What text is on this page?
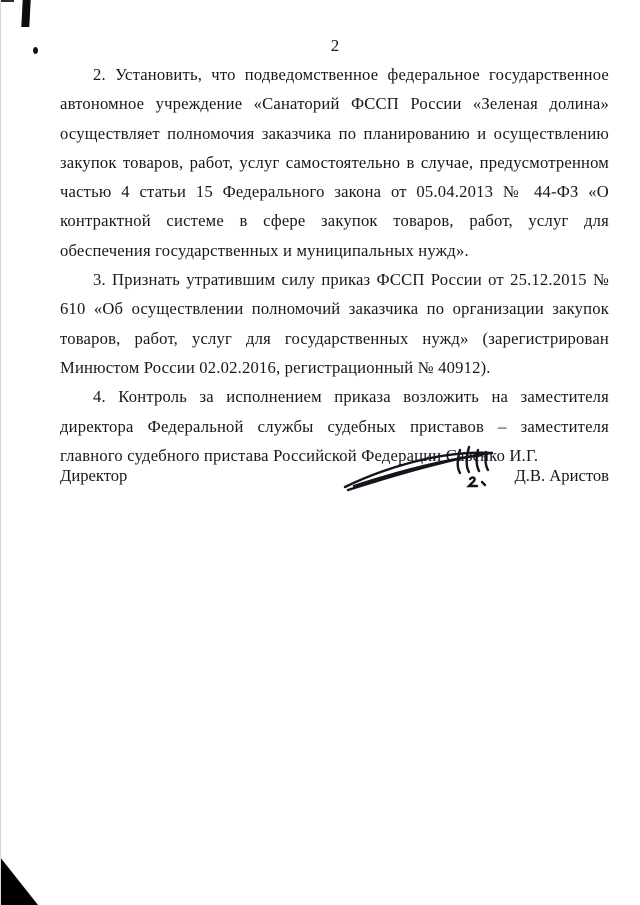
2

2. Установить, что подведомственное федеральное государственное автономное учреждение «Санаторий ФССП России «Зеленая долина» осуществляет полномочия заказчика по планированию и осуществлению закупок товаров, работ, услуг самостоятельно в случае, предусмотренном частью 4 статьи 15 Федерального закона от 05.04.2013 № 44-ФЗ «О контрактной системе в сфере закупок товаров, работ, услуг для обеспечения государственных и муниципальных нужд».

3. Признать утратившим силу приказ ФССП России от 25.12.2015 № 610 «Об осуществлении полномочий заказчика по организации закупок товаров, работ, услуг для государственных нужд» (зарегистрирован Минюстом России 02.02.2016, регистрационный № 40912).

4. Контроль за исполнением приказа возложить на заместителя директора Федеральной службы судебных приставов – заместителя главного судебного пристава Российской Федерации Савенко И.Г.

Директор	Д.В. Аристов
